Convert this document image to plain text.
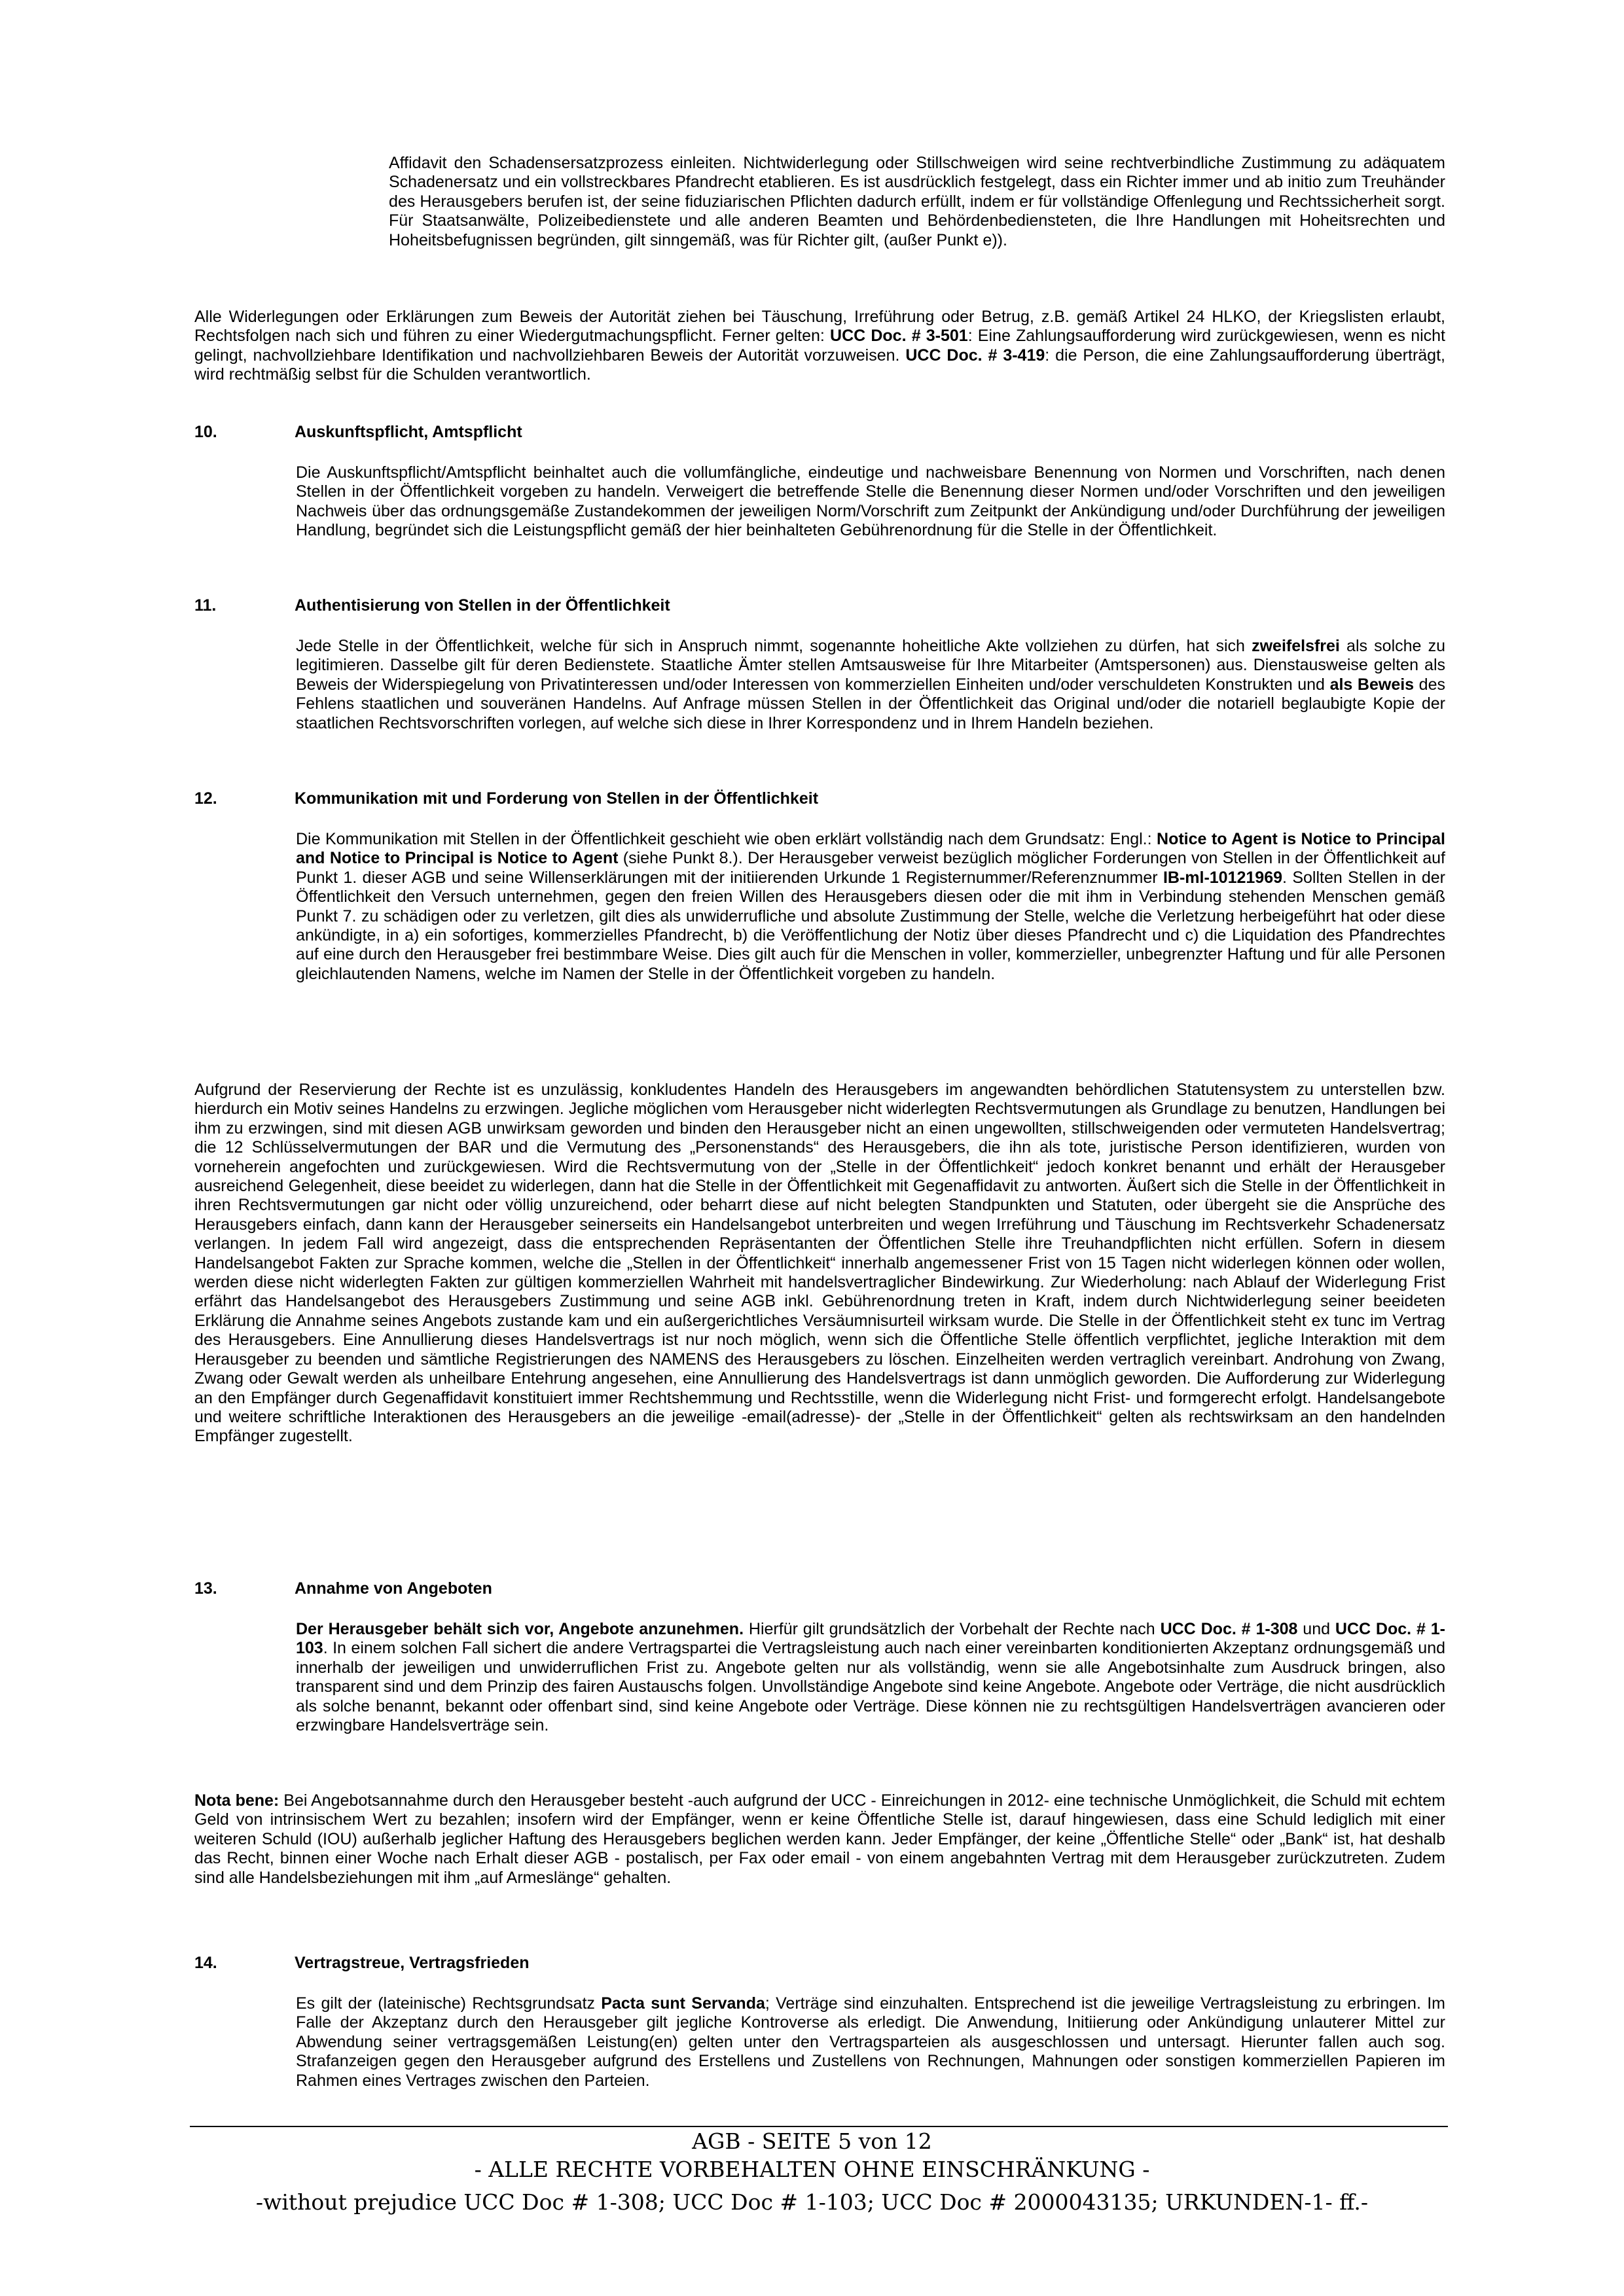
Affidavit den Schadensersatzprozess einleiten. Nichtwiderlegung oder Stillschweigen wird seine rechtverbindliche Zustimmung zu adäquatem Schadenersatz und ein vollstreckbares Pfandrecht etablieren. Es ist ausdrücklich festgelegt, dass ein Richter immer und ab initio zum Treuhänder des Herausgebers berufen ist, der seine fiduziarischen Pflichten dadurch erfüllt, indem er für vollständige Offenlegung und Rechtssicherheit sorgt. Für Staatsanwälte, Polizeibedienstete und alle anderen Beamten und Behördenbediensteten, die Ihre Handlungen mit Hoheitsrechten und Hoheitsbefugnissen begründen, gilt sinngemäß, was für Richter gilt, (außer Punkt e)).

Alle Widerlegungen oder Erklärungen zum Beweis der Autorität ziehen bei Täuschung, Irreführung oder Betrug, z.B. gemäß Artikel 24 HLKO, der Kriegslisten erlaubt, Rechtsfolgen nach sich und führen zu einer Wiedergutmachungspflicht. Ferner gelten: UCC Doc. # 3-501: Eine Zahlungsaufforderung wird zurückgewiesen, wenn es nicht gelingt, nachvollziehbare Identifikation und nachvollziehbaren Beweis der Autorität vorzuweisen. UCC Doc. # 3-419: die Person, die eine Zahlungsaufforderung überträgt, wird rechtmäßig selbst für die Schulden verantwortlich.

10.	Auskunftspflicht, Amtspflicht

Die Auskunftspflicht/Amtspflicht beinhaltet auch die vollumfängliche, eindeutige und nachweisbare Benennung von Normen und Vorschriften, nach denen Stellen in der Öffentlichkeit vorgeben zu handeln. Verweigert die betreffende Stelle die Benennung dieser Normen und/oder Vorschriften und den jeweiligen Nachweis über das ordnungsgemäße Zustandekommen der jeweiligen Norm/Vorschrift zum Zeitpunkt der Ankündigung und/oder Durchführung der jeweiligen Handlung, begründet sich die Leistungspflicht gemäß der hier beinhalteten Gebührenordnung für die Stelle in der Öffentlichkeit.

11.	Authentisierung von Stellen in der Öffentlichkeit

Jede Stelle in der Öffentlichkeit, welche für sich in Anspruch nimmt, sogenannte hoheitliche Akte vollziehen zu dürfen, hat sich zweifelsfrei als solche zu legitimieren. Dasselbe gilt für deren Bedienstete. Staatliche Ämter stellen Amtsausweise für Ihre Mitarbeiter (Amtspersonen) aus. Dienstausweise gelten als Beweis der Widerspiegelung von Privatinteressen und/oder Interessen von kommerziellen Einheiten und/oder verschuldeten Konstrukten und als Beweis des Fehlens staatlichen und souveränen Handelns. Auf Anfrage müssen Stellen in der Öffentlichkeit das Original und/oder die notariell beglaubigte Kopie der staatlichen Rechtsvorschriften vorlegen, auf welche sich diese in Ihrer Korrespondenz und in Ihrem Handeln beziehen.

12.	Kommunikation mit und Forderung von Stellen in der Öffentlichkeit

Die Kommunikation mit Stellen in der Öffentlichkeit geschieht wie oben erklärt vollständig nach dem Grundsatz: Engl.: Notice to Agent is Notice to Principal and Notice to Principal is Notice to Agent (siehe Punkt 8.). Der Herausgeber verweist bezüglich möglicher Forderungen von Stellen in der Öffentlichkeit auf Punkt 1. dieser AGB und seine Willenserklärungen mit der initiierenden Urkunde 1 Registernummer/Referenznummer IB-ml-10121969. Sollten Stellen in der Öffentlichkeit den Versuch unternehmen, gegen den freien Willen des Herausgebers diesen oder die mit ihm in Verbindung stehenden Menschen gemäß Punkt 7. zu schädigen oder zu verletzen, gilt dies als unwiderrufliche und absolute Zustimmung der Stelle, welche die Verletzung herbeigeführt hat oder diese ankündigte, in a) ein sofortiges, kommerzielles Pfandrecht, b) die Veröffentlichung der Notiz über dieses Pfandrecht und c) die Liquidation des Pfandrechtes auf eine durch den Herausgeber frei bestimmbare Weise. Dies gilt auch für die Menschen in voller, kommerzieller, unbegrenzter Haftung und für alle Personen gleichlautenden Namens, welche im Namen der Stelle in der Öffentlichkeit vorgeben zu handeln.

Aufgrund der Reservierung der Rechte ist es unzulässig, konkludentes Handeln des Herausgebers im angewandten behördlichen Statutensystem zu unterstellen bzw. hierdurch ein Motiv seines Handelns zu erzwingen. Jegliche möglichen vom Herausgeber nicht widerlegten Rechtsvermutungen als Grundlage zu benutzen, Handlungen bei ihm zu erzwingen, sind mit diesen AGB unwirksam geworden und binden den Herausgeber nicht an einen ungewollten, stillschweigenden oder vermuteten Handelsvertrag; die 12 Schlüsselvermutungen der BAR und die Vermutung des „Personenstands“ des Herausgebers, die ihn als tote, juristische Person identifizieren, wurden von vorneherein angefochten und zurückgewiesen. Wird die Rechtsvermutung von der „Stelle in der Öffentlichkeit“ jedoch konkret benannt und erhält der Herausgeber ausreichend Gelegenheit, diese beeidet zu widerlegen, dann hat die Stelle in der Öffentlichkeit mit Gegenaffidavit zu antworten. Äußert sich die Stelle in der Öffentlichkeit in ihren Rechtsvermutungen gar nicht oder völlig unzureichend, oder beharrt diese auf nicht belegten Standpunkten und Statuten, oder übergeht sie die Ansprüche des Herausgebers einfach, dann kann der Herausgeber seinerseits ein Handelsangebot unterbreiten und wegen Irreführung und Täuschung im Rechtsverkehr Schadenersatz verlangen. In jedem Fall wird angezeigt, dass die entsprechenden Repräsentanten der Öffentlichen Stelle ihre Treuhandpflichten nicht erfüllen. Sofern in diesem Handelsangebot Fakten zur Sprache kommen, welche die „Stellen in der Öffentlichkeit“ innerhalb angemessener Frist von 15 Tagen nicht widerlegen können oder wollen, werden diese nicht widerlegten Fakten zur gültigen kommerziellen Wahrheit mit handelsvertraglicher Bindewirkung. Zur Wiederholung: nach Ablauf der Widerlegung Frist erfährt das Handelsangebot des Herausgebers Zustimmung und seine AGB inkl. Gebührenordnung treten in Kraft, indem durch Nichtwiderlegung seiner beeideten Erklärung die Annahme seines Angebots zustande kam und ein außergerichtliches Versäumnisurteil wirksam wurde. Die Stelle in der Öffentlichkeit steht ex tunc im Vertrag des Herausgebers. Eine Annullierung dieses Handelsvertrags ist nur noch möglich, wenn sich die Öffentliche Stelle öffentlich verpflichtet, jegliche Interaktion mit dem Herausgeber zu beenden und sämtliche Registrierungen des NAMENS des Herausgebers zu löschen. Einzelheiten werden vertraglich vereinbart. Androhung von Zwang, Zwang oder Gewalt werden als unheilbare Entehrung angesehen, eine Annullierung des Handelsvertrags ist dann unmöglich geworden. Die Aufforderung zur Widerlegung an den Empfänger durch Gegenaffidavit konstituiert immer Rechtshemmung und Rechtsstille, wenn die Widerlegung nicht Frist- und formgerecht erfolgt. Handelsangebote und weitere schriftliche Interaktionen des Herausgebers an die jeweilige -email(adresse)- der „Stelle in der Öffentlichkeit“ gelten als rechtswirksam an den handelnden Empfänger zugestellt.

13.	Annahme von Angeboten

Der Herausgeber behält sich vor, Angebote anzunehmen. Hierfür gilt grundsätzlich der Vorbehalt der Rechte nach UCC Doc. # 1-308 und UCC Doc. # 1-103. In einem solchen Fall sichert die andere Vertragspartei die Vertragsleistung auch nach einer vereinbarten konditionierten Akzeptanz ordnungsgemäß und innerhalb der jeweiligen und unwiderruflichen Frist zu. Angebote gelten nur als vollständig, wenn sie alle Angebotsinhalte zum Ausdruck bringen, also transparent sind und dem Prinzip des fairen Austauschs folgen. Unvollständige Angebote sind keine Angebote. Angebote oder Verträge, die nicht ausdrücklich als solche benannt, bekannt oder offenbart sind, sind keine Angebote oder Verträge. Diese können nie zu rechtsgültigen Handelsverträgen avancieren oder erzwingbare Handelsverträge sein.

Nota bene: Bei Angebotsannahme durch den Herausgeber besteht -auch aufgrund der UCC - Einreichungen in 2012- eine technische Unmöglichkeit, die Schuld mit echtem Geld von intrinsischem Wert zu bezahlen; insofern wird der Empfänger, wenn er keine Öffentliche Stelle ist, darauf hingewiesen, dass eine Schuld lediglich mit einer weiteren Schuld (IOU) außerhalb jeglicher Haftung des Herausgebers beglichen werden kann. Jeder Empfänger, der keine „Öffentliche Stelle“ oder „Bank“ ist, hat deshalb das Recht, binnen einer Woche nach Erhalt dieser AGB - postalisch, per Fax oder email - von einem angebahnten Vertrag mit dem Herausgeber zurückzutreten. Zudem sind alle Handelsbeziehungen mit ihm „auf Armeslänge“ gehalten.

14.	Vertragstreue, Vertragsfrieden

Es gilt der (lateinische) Rechtsgrundsatz Pacta sunt Servanda; Verträge sind einzuhalten. Entsprechend ist die jeweilige Vertragsleistung zu erbringen. Im Falle der Akzeptanz durch den Herausgeber gilt jegliche Kontroverse als erledigt. Die Anwendung, Initiierung oder Ankündigung unlauterer Mittel zur Abwendung seiner vertragsgemäßen Leistung(en) gelten unter den Vertragsparteien als ausgeschlossen und untersagt. Hierunter fallen auch sog. Strafanzeigen gegen den Herausgeber aufgrund des Erstellens und Zustellens von Rechnungen, Mahnungen oder sonstigen kommerziellen Papieren im Rahmen eines Vertrages zwischen den Parteien.

AGB - SEITE 5 von 12
- ALLE RECHTE VORBEHALTEN OHNE EINSCHRÄNKUNG -
-without prejudice UCC Doc # 1-308; UCC Doc # 1-103; UCC Doc # 2000043135; URKUNDEN-1- ff.-
